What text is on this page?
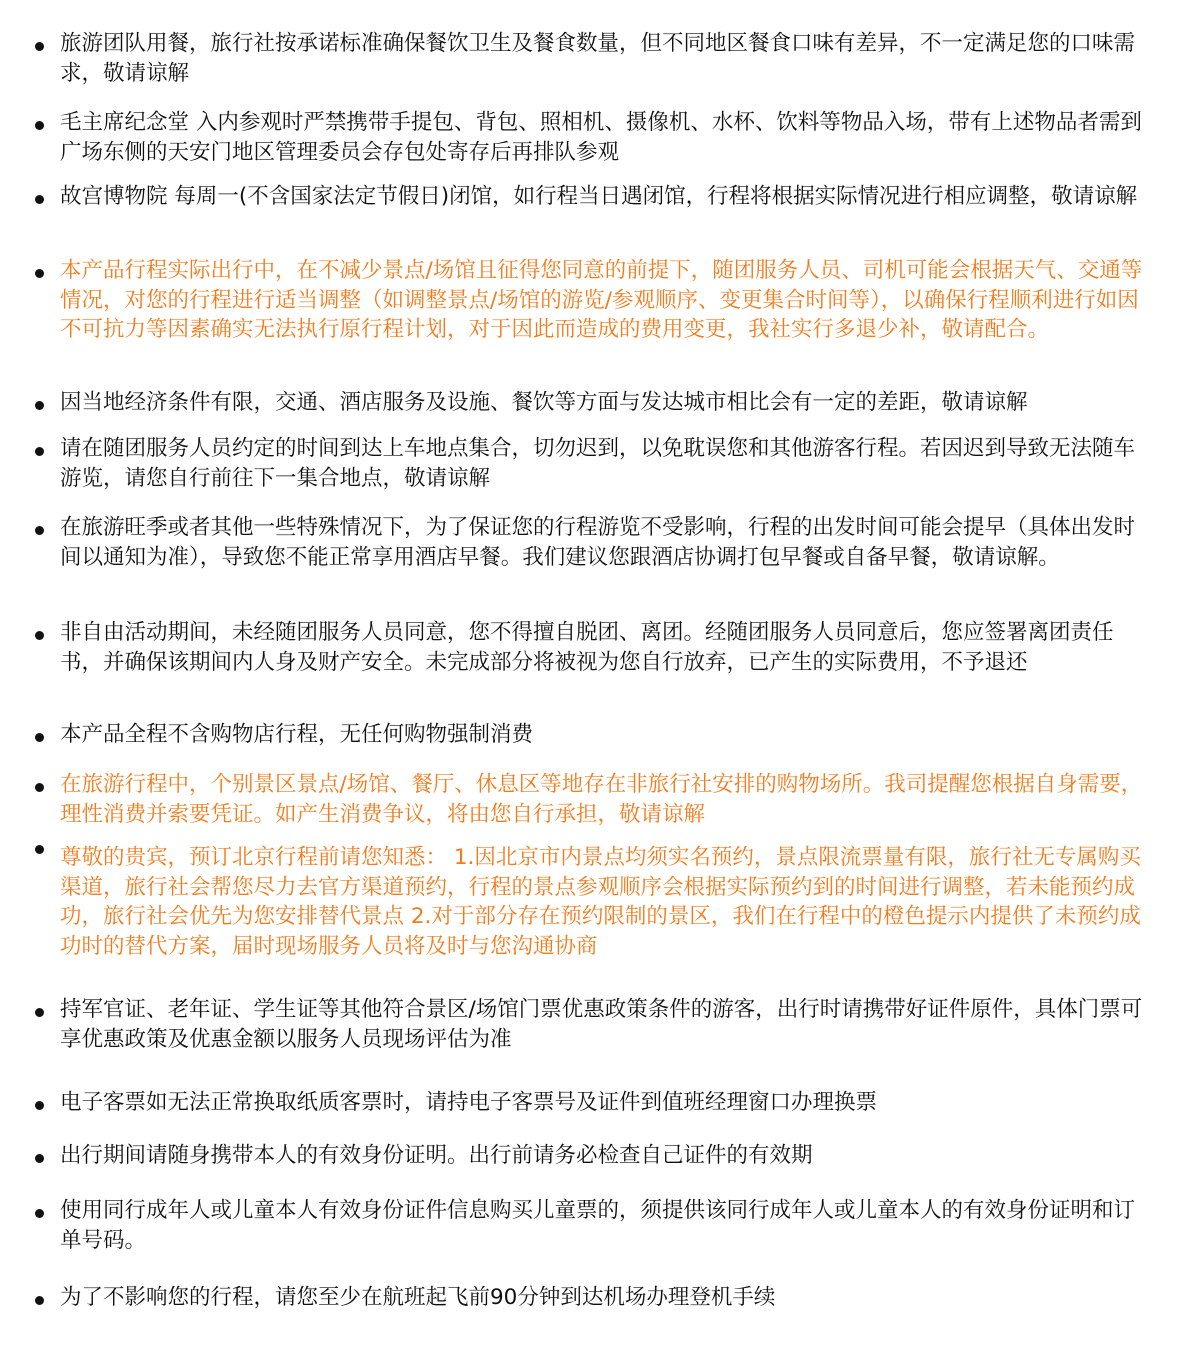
旅游团队用餐，旅行社按承诺标准确保餐饮卫生及餐食数量，但不同地区餐食口味有差异，不一定满足您的口味需求，敬请谅解
毛主席纪念堂 入内参观时严禁携带手提包、背包、照相机、摄像机、水杯、饮料等物品入场，带有上述物品者需到广场东侧的天安门地区管理委员会存包处寄存后再排队参观
故宫博物院 每周一(不含国家法定节假日)闭馆，如行程当日遇闭馆，行程将根据实际情况进行相应调整，敬请谅解
本产品行程实际出行中，在不减少景点/场馆且征得您同意的前提下，随团服务人员、司机可能会根据天气、交通等情况，对您的行程进行适当调整（如调整景点/场馆的游览/参观顺序、变更集合时间等），以确保行程顺利进行如因不可抗力等因素确实无法执行原行程计划，对于因此而造成的费用变更，我社实行多退少补，敬请配合。
因当地经济条件有限，交通、酒店服务及设施、餐饮等方面与发达城市相比会有一定的差距，敬请谅解
请在随团服务人员约定的时间到达上车地点集合，切勿迟到，以免耽误您和其他游客行程。若因迟到导致无法随车游览，请您自行前往下一集合地点，敬请谅解
在旅游旺季或者其他一些特殊情况下，为了保证您的行程游览不受影响，行程的出发时间可能会提早（具体出发时间以通知为准），导致您不能正常享用酒店早餐。我们建议您跟酒店协调打包早餐或自备早餐，敬请谅解。
非自由活动期间，未经随团服务人员同意，您不得擅自脱团、离团。经随团服务人员同意后，您应签署离团责任书，并确保该期间内人身及财产安全。未完成部分将被视为您自行放弃，已产生的实际费用，不予退还
本产品全程不含购物店行程，无任何购物强制消费
在旅游行程中，个别景区景点/场馆、餐厅、休息区等地存在非旅行社安排的购物场所。我司提醒您根据自身需要，理性消费并索要凭证。如产生消费争议，将由您自行承担，敬请谅解
尊敬的贵宾，预订北京行程前请您知悉： 1.因北京市内景点均须实名预约，景点限流票量有限，旅行社无专属购买渠道，旅行社会帮您尽力去官方渠道预约，行程的景点参观顺序会根据实际预约到的时间进行调整，若未能预约成功，旅行社会优先为您安排替代景点 2.对于部分存在预约限制的景区，我们在行程中的橙色提示内提供了未预约成功时的替代方案，届时现场服务人员将及时与您沟通协商
持军官证、老年证、学生证等其他符合景区/场馆门票优惠政策条件的游客，出行时请携带好证件原件，具体门票可享优惠政策及优惠金额以服务人员现场评估为准
电子客票如无法正常换取纸质客票时，请持电子客票号及证件到值班经理窗口办理换票
出行期间请随身携带本人的有效身份证明。出行前请务必检查自己证件的有效期
使用同行成年人或儿童本人有效身份证件信息购买儿童票的，须提供该同行成年人或儿童本人的有效身份证明和订单号码。
为了不影响您的行程，请您至少在航班起飞前90分钟到达机场办理登机手续
